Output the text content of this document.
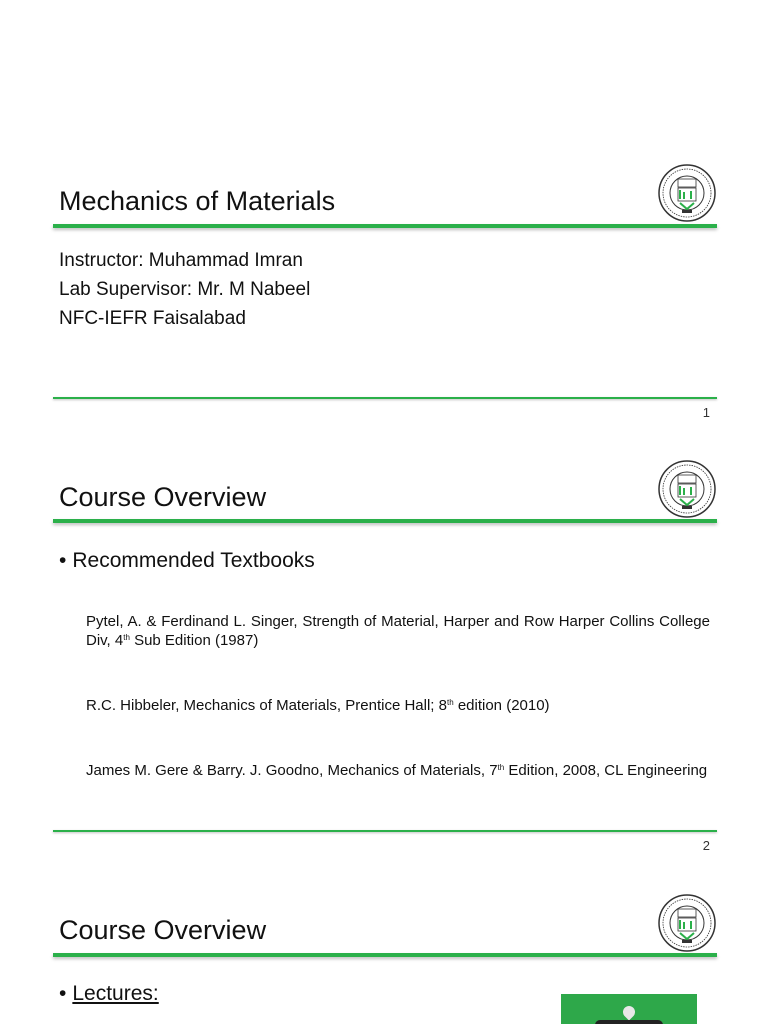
Mechanics of Materials
Instructor: Muhammad Imran
Lab Supervisor: Mr. M Nabeel
NFC-IEFR Faisalabad
1
Course Overview
• Recommended Textbooks
Pytel, A. & Ferdinand L. Singer, Strength of Material, Harper and Row Harper Collins College Div, 4th Sub Edition (1987)
R.C. Hibbeler, Mechanics of Materials, Prentice Hall; 8th edition (2010)
James M. Gere & Barry. J. Goodno, Mechanics of Materials, 7th Edition, 2008, CL Engineering
2
Course Overview
• Lectures:
